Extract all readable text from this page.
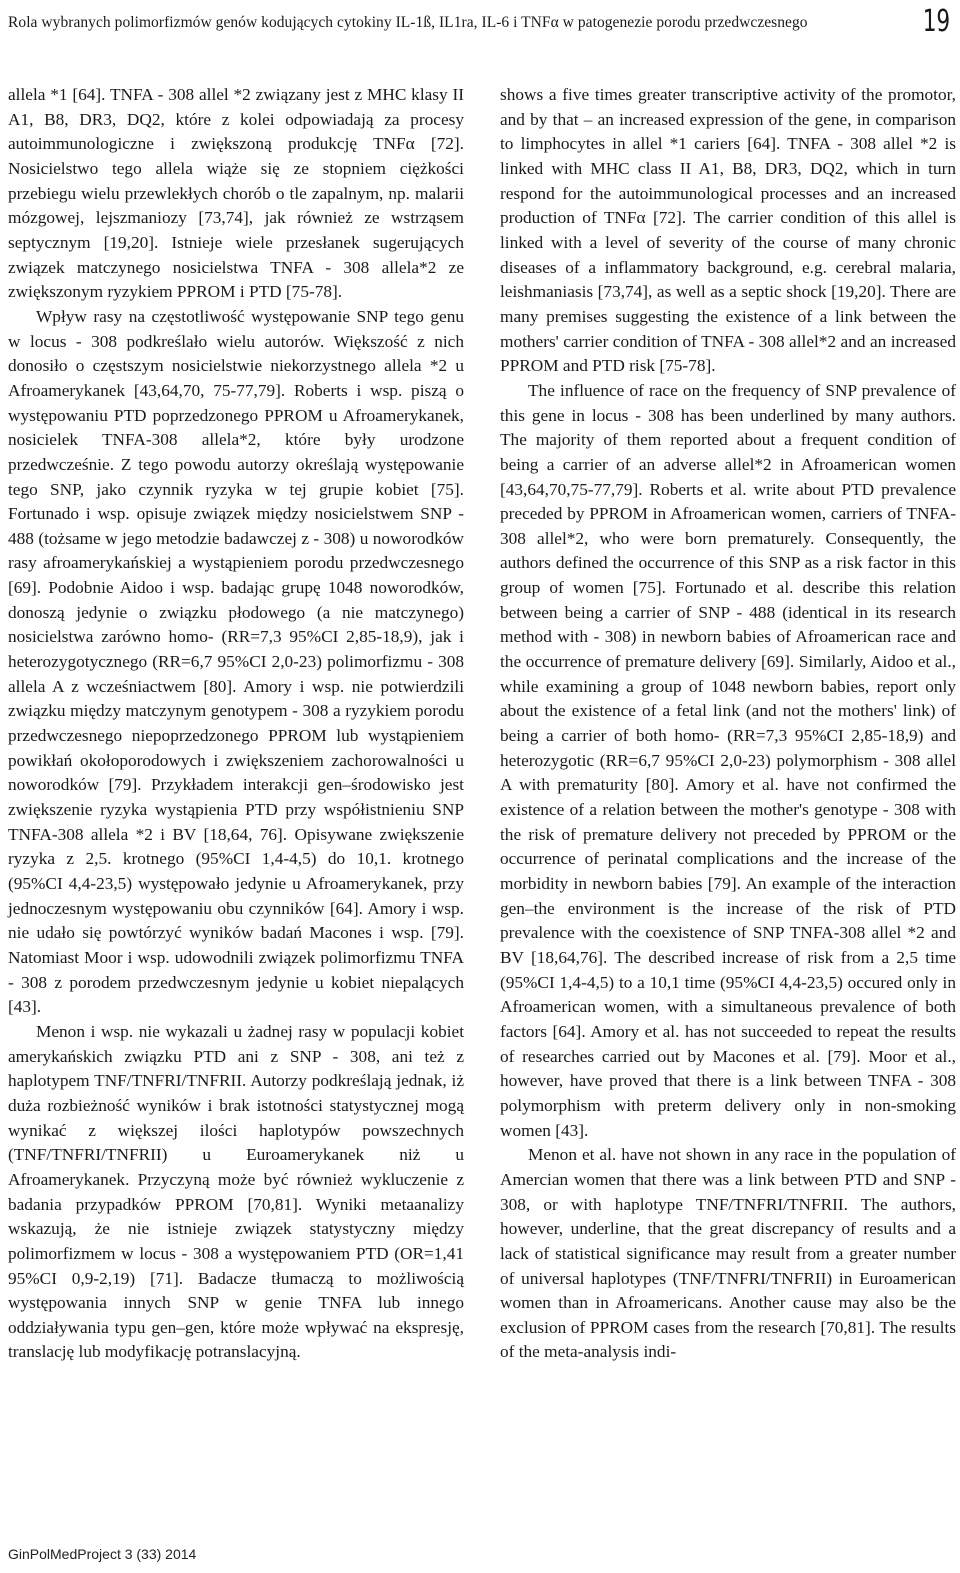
Rola wybranych polimorfizmów genów kodujących cytokiny IL-1ß, IL1ra, IL-6 i TNFα w patogenezie porodu przedwczesnego	19

allela *1 [64]. TNFA - 308 allel *2 związany jest z MHC klasy II A1, B8, DR3, DQ2, które z kolei odpowiadają za procesy autoimmunologiczne i zwiększoną produkcję TNFα [72]. Nosicielstwo tego allela wiąże się ze stopniem ciężkości przebiegu wielu przewlekłych chorób o tle zapalnym, np. malarii mózgowej, lejszmaniozy [73,74], jak również ze wstrząsem septycznym [19,20]. Istnieje wiele przesłanek sugerujących związek matczynego nosicielstwa TNFA - 308 allela*2 ze zwiększonym ryzykiem PPROM i PTD [75-78].

Wpływ rasy na częstotliwość występowanie SNP tego genu w locus - 308 podkreślało wielu autorów. Większość z nich donosiło o częstszym nosicielstwie niekorzystnego allela *2 u Afroamerykanek [43,64,70, 75-77,79]. Roberts i wsp. piszą o występowaniu PTD poprzedzonego PPROM u Afroamerykanek, nosicielek TNFA-308 allela*2, które były urodzone przedwcześnie. Z tego powodu autorzy określają występowanie tego SNP, jako czynnik ryzyka w tej grupie kobiet [75]. Fortunado i wsp. opisuje związek między nosicielstwem SNP - 488 (tożsame w jego metodzie badawczej z - 308) u noworodków rasy afroamerykańskiej a wystąpieniem porodu przedwczesnego [69]. Podobnie Aidoo i wsp. badając grupę 1048 noworodków, donoszą jedynie o związku płodowego (a nie matczynego) nosicielstwa zarówno homo- (RR=7,3 95%CI 2,85-18,9), jak i heterozygotycznego (RR=6,7 95%CI 2,0-23) polimorfizmu - 308 allela A z wcześniactwem [80]. Amory i wsp. nie potwierdzili związku między matczynym genotypem - 308 a ryzykiem porodu przedwczesnego niepoprzedzonego PPROM lub wystąpieniem powikłań okołoporodowych i zwiększeniem zachorowalności u noworodków [79]. Przykładem interakcji gen–środowisko jest zwiększenie ryzyka wystąpienia PTD przy współistnieniu SNP TNFA-308 allela *2 i BV [18,64, 76]. Opisywane zwiększenie ryzyka z 2,5. krotnego (95%CI 1,4-4,5) do 10,1. krotnego (95%CI 4,4-23,5) występowało jedynie u Afroamerykanek, przy jednoczesnym występowaniu obu czynników [64]. Amory i wsp. nie udało się powtórzyć wyników badań Macones i wsp. [79]. Natomiast Moor i wsp. udowodnili związek polimorfizmu TNFA - 308 z porodem przedwczesnym jedynie u kobiet niepalących [43].

Menon i wsp. nie wykazali u żadnej rasy w populacji kobiet amerykańskich związku PTD ani z SNP - 308, ani też z haplotypem TNF/TNFRI/TNFRII. Autorzy podkreślają jednak, iż duża rozbieżność wyników i brak istotności statystycznej mogą wynikać z większej ilości haplotypów powszechnych (TNF/TNFRI/TNFRII) u Euroamerykanek niż u Afroamerykanek. Przyczyną może być również wykluczenie z badania przypadków PPROM [70,81]. Wyniki metaanalizy wskazują, że nie istnieje związek statystyczny między polimorfizmem w locus - 308 a występowaniem PTD (OR=1,41 95%CI 0,9-2,19) [71]. Badacze tłumaczą to możliwością występowania innych SNP w genie TNFA lub innego oddziaływania typu gen–gen, które może wpływać na ekspresję, translację lub modyfikację potranslacyjną.

shows a five times greater transcriptive activity of the promotor, and by that – an increased expression of the gene, in comparison to limphocytes in allel *1 cariers [64]. TNFA - 308 allel *2 is linked with MHC class II A1, B8, DR3, DQ2, which in turn respond for the autoimmunological processes and an increased production of TNFα [72]. The carrier condition of this allel is linked with a level of severity of the course of many chronic diseases of a inflammatory background, e.g. cerebral malaria, leishmaniasis [73,74], as well as a septic shock [19,20]. There are many premises suggesting the existence of a link between the mothers' carrier condition of TNFA - 308 allel*2 and an increased PPROM and PTD risk [75-78].

The influence of race on the frequency of SNP prevalence of this gene in locus - 308 has been underlined by many authors. The majority of them reported about a frequent condition of being a carrier of an adverse allel*2 in Afroamerican women [43,64,70,75-77,79]. Roberts et al. write about PTD prevalence preceded by PPROM in Afroamerican women, carriers of TNFA-308 allel*2, who were born prematurely. Consequently, the authors defined the occurrence of this SNP as a risk factor in this group of women [75]. Fortunado et al. describe this relation between being a carrier of SNP - 488 (identical in its research method with - 308) in newborn babies of Afroamerican race and the occurrence of premature delivery [69]. Similarly, Aidoo et al., while examining a group of 1048 newborn babies, report only about the existence of a fetal link (and not the mothers' link) of being a carrier of both homo- (RR=7,3 95%CI 2,85-18,9) and heterozygotic (RR=6,7 95%CI 2,0-23) polymorphism - 308 allel A with prematurity [80]. Amory et al. have not confirmed the existence of a relation between the mother's genotype - 308 with the risk of premature delivery not preceded by PPROM or the occurrence of perinatal complications and the increase of the morbidity in newborn babies [79]. An example of the interaction gen–the environment is the increase of the risk of PTD prevalence with the coexistence of SNP TNFA-308 allel *2 and BV [18,64,76]. The described increase of risk from a 2,5 time (95%CI 1,4-4,5) to a 10,1 time (95%CI 4,4-23,5) occured only in Afroamerican women, with a simultaneous prevalence of both factors [64]. Amory et al. has not succeeded to repeat the results of researches carried out by Macones et al. [79]. Moor et al., however, have proved that there is a link between TNFA - 308 polymorphism with preterm delivery only in non-smoking women [43].

Menon et al. have not shown in any race in the population of Amercian women that there was a link between PTD and SNP - 308, or with haplotype TNF/TNFRI/TNFRII. The authors, however, underline, that the great discrepancy of results and a lack of statistical significance may result from a greater number of universal haplotypes (TNF/TNFRI/TNFRII) in Euroamerican women than in Afroamericans. Another cause may also be the exclusion of PPROM cases from the research [70,81]. The results of the meta-analysis indi-

GinPolMedProject 3 (33) 2014
